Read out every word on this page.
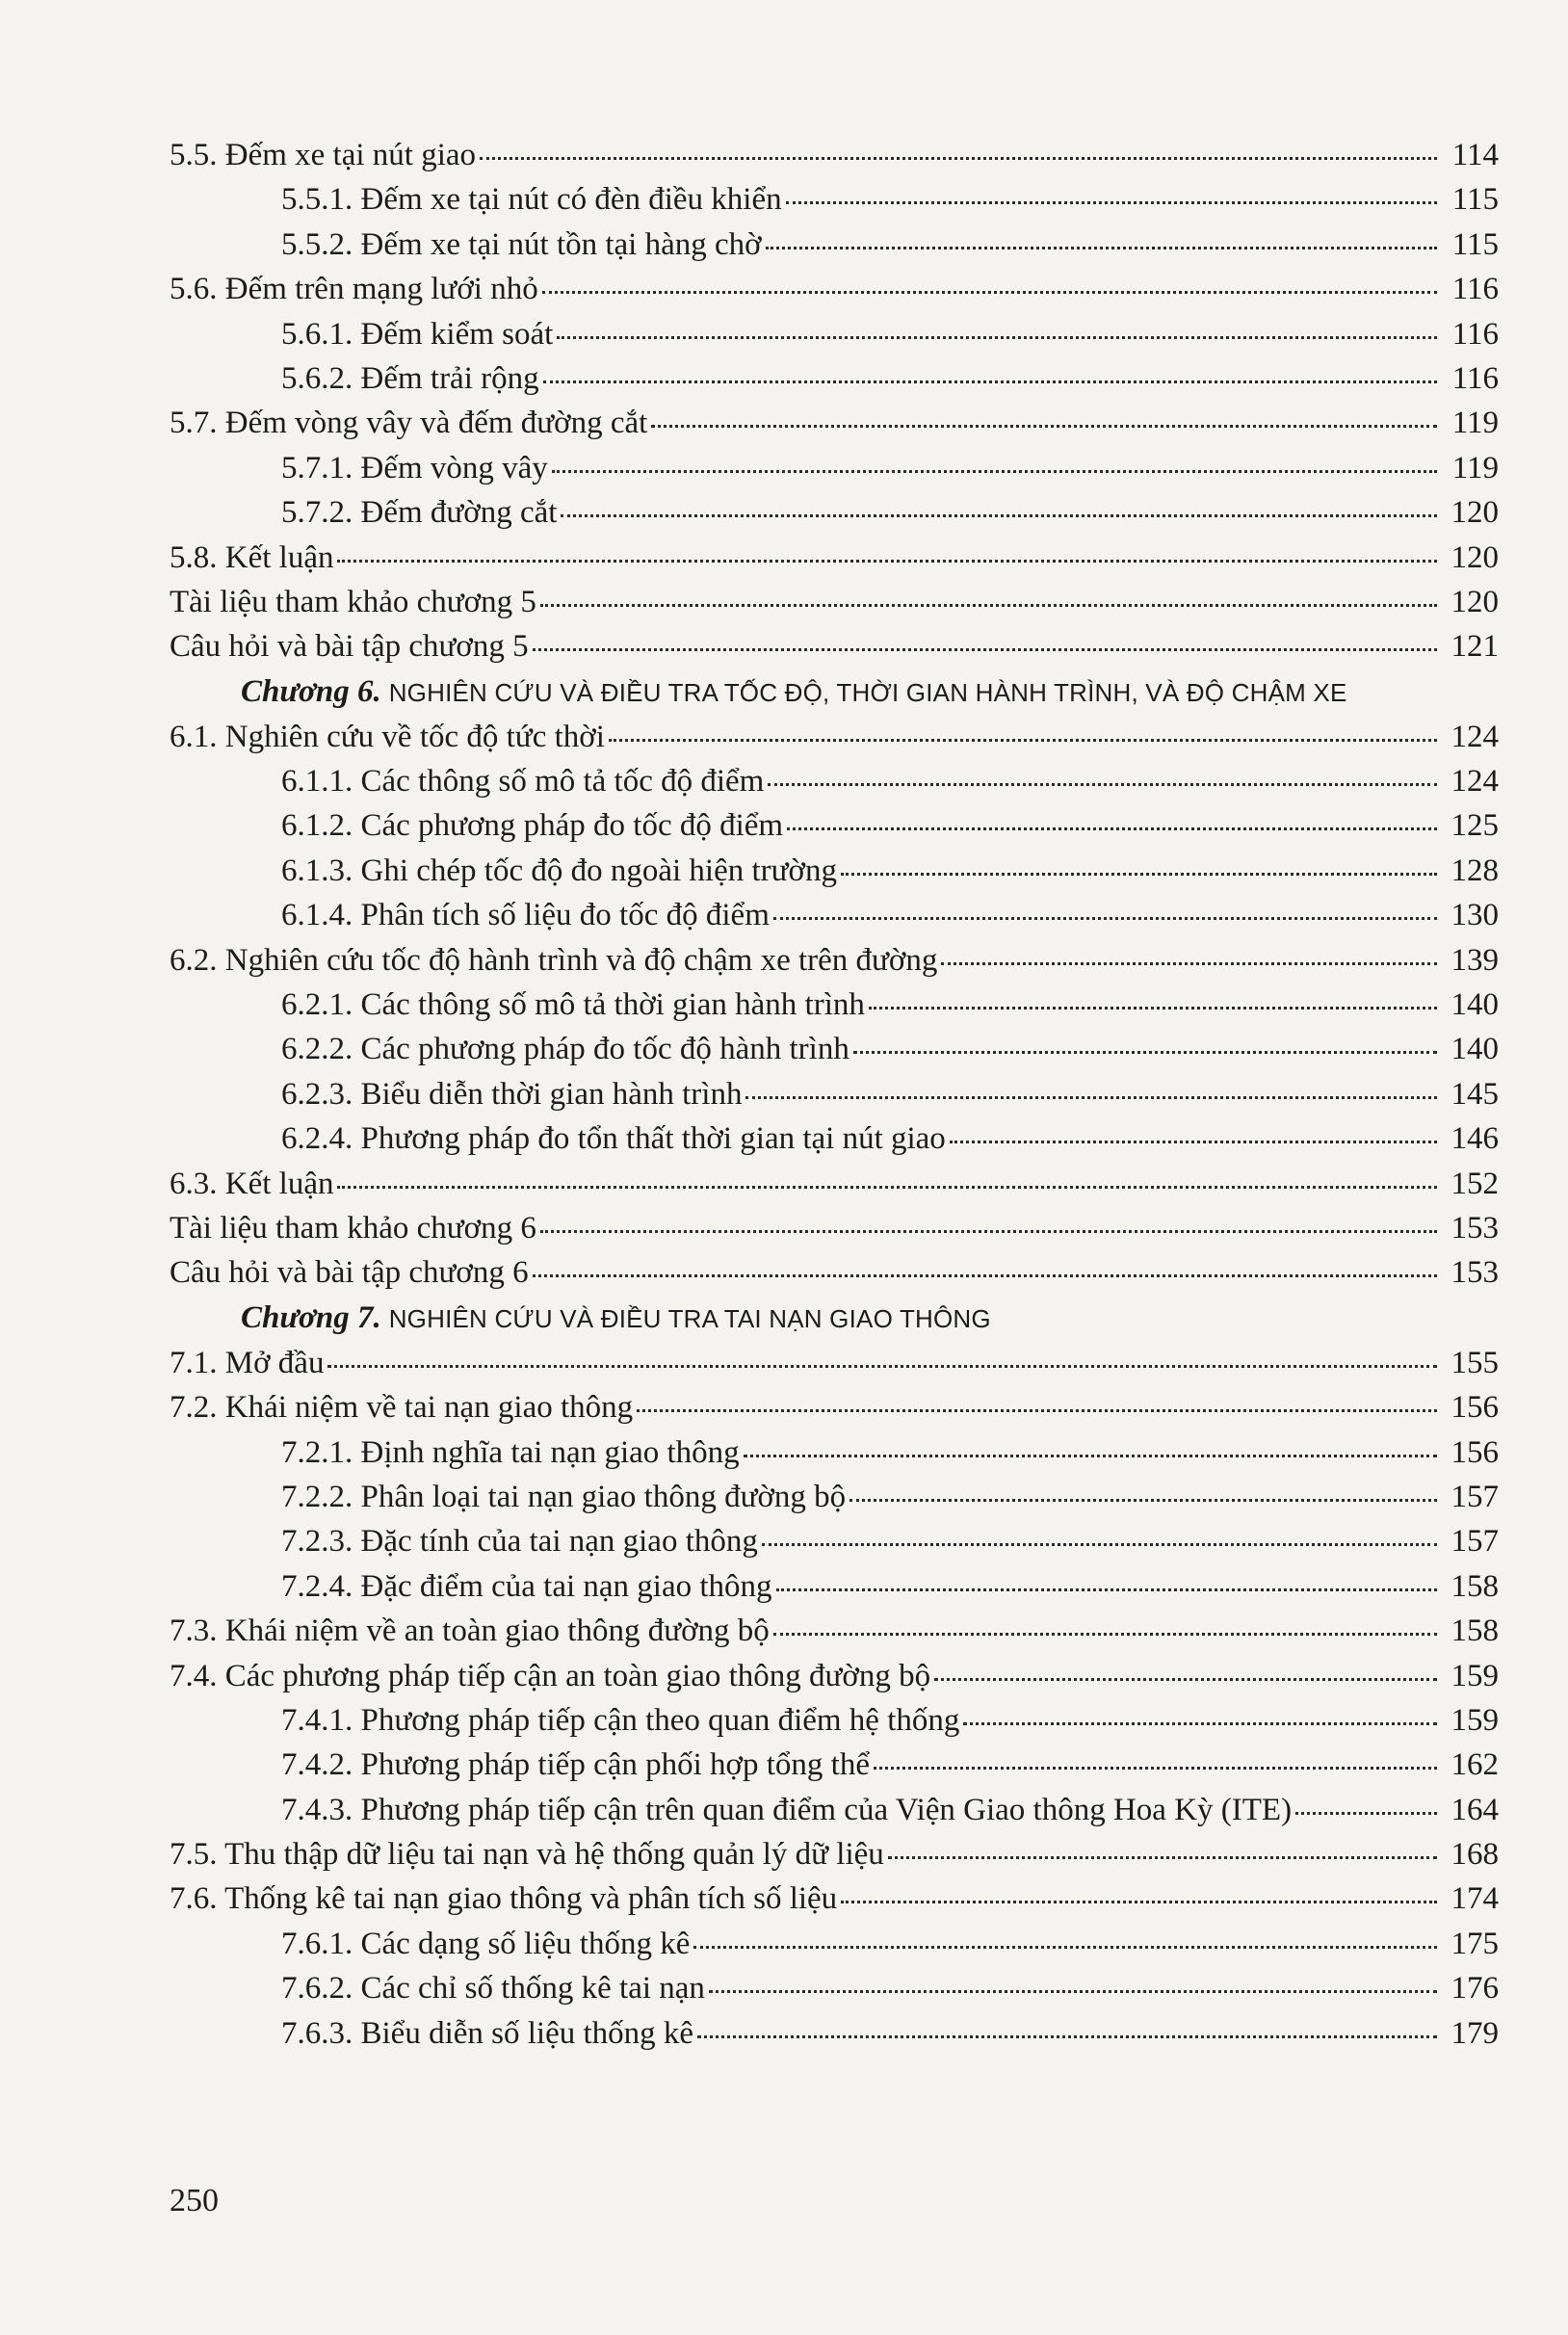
5.5. Đếm xe tại nút giao	114
5.5.1. Đếm xe tại nút có đèn điều khiển	115
5.5.2. Đếm xe tại nút tồn tại hàng chờ	115
5.6. Đếm trên mạng lưới nhỏ	116
5.6.1. Đếm kiểm soát	116
5.6.2. Đếm trải rộng	116
5.7. Đếm vòng vây và đếm đường cắt	119
5.7.1. Đếm vòng vây	119
5.7.2. Đếm đường cắt	120
5.8. Kết luận	120
Tài liệu tham khảo chương 5	120
Câu hỏi và bài tập chương 5	121
Chương 6. NGHIÊN CỨU VÀ ĐIỀU TRA TỐC ĐỘ, THỜI GIAN HÀNH TRÌNH, VÀ ĐỘ CHẬM XE
6.1. Nghiên cứu về tốc độ tức thời	124
6.1.1. Các thông số mô tả tốc độ điểm	124
6.1.2. Các phương pháp đo tốc độ điểm	125
6.1.3. Ghi chép tốc độ đo ngoài hiện trường	128
6.1.4. Phân tích số liệu đo tốc độ điểm	130
6.2. Nghiên cứu tốc độ hành trình và độ chậm xe trên đường	139
6.2.1. Các thông số mô tả thời gian hành trình	140
6.2.2. Các phương pháp đo tốc độ hành trình	140
6.2.3. Biểu diễn thời gian hành trình	145
6.2.4. Phương pháp đo tổn thất thời gian tại nút giao	146
6.3. Kết luận	152
Tài liệu tham khảo chương 6	153
Câu hỏi và bài tập chương 6	153
Chương 7. NGHIÊN CỨU VÀ ĐIỀU TRA TAI NẠN GIAO THÔNG
7.1. Mở đầu	155
7.2. Khái niệm về tai nạn giao thông	156
7.2.1. Định nghĩa tai nạn giao thông	156
7.2.2. Phân loại tai nạn giao thông đường bộ	157
7.2.3. Đặc tính của tai nạn giao thông	157
7.2.4. Đặc điểm của tai nạn giao thông	158
7.3. Khái niệm về an toàn giao thông đường bộ	158
7.4. Các phương pháp tiếp cận an toàn giao thông đường bộ	159
7.4.1. Phương pháp tiếp cận theo quan điểm hệ thống	159
7.4.2. Phương pháp tiếp cận phối hợp tổng thể	162
7.4.3. Phương pháp tiếp cận trên quan điểm của Viện Giao thông Hoa Kỳ (ITE)	164
7.5. Thu thập dữ liệu tai nạn và hệ thống quản lý dữ liệu	168
7.6. Thống kê tai nạn giao thông và phân tích số liệu	174
7.6.1. Các dạng số liệu thống kê	175
7.6.2. Các chỉ số thống kê tai nạn	176
7.6.3. Biểu diễn số liệu thống kê	179
250
